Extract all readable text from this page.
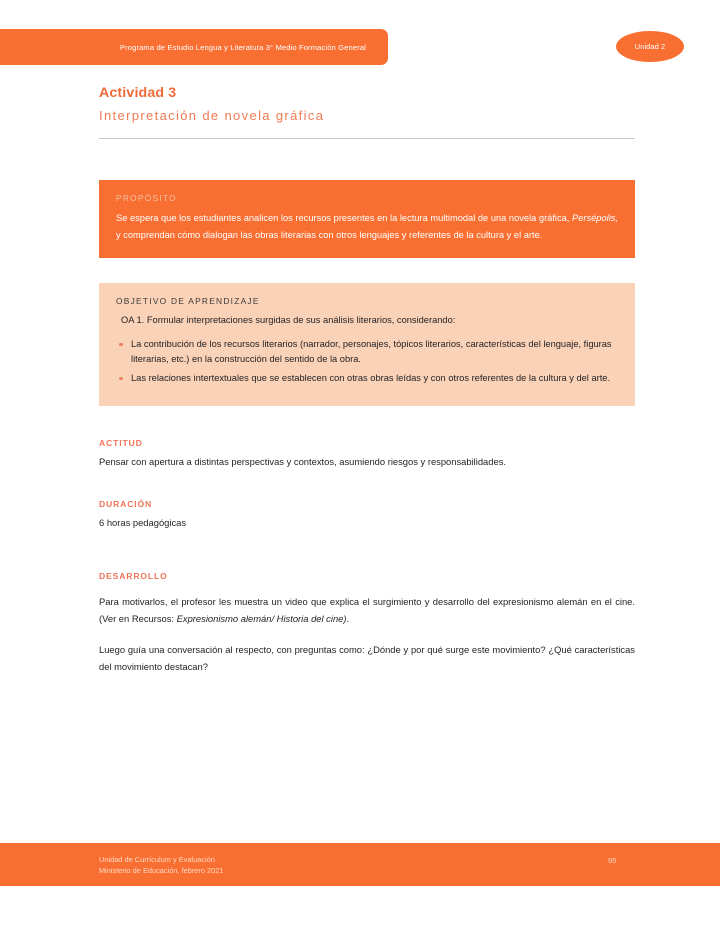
Programa de Estudio Lengua y Literatura 3° Medio Formación General	Unidad 2
Actividad 3
Interpretación de novela gráfica
PROPÓSITO
Se espera que los estudiantes analicen los recursos presentes en la lectura multimodal de una novela gráfica, Persépolis, y comprendan cómo dialogan las obras literarias con otros lenguajes y referentes de la cultura y el arte.
OBJETIVO DE APRENDIZAJE
OA 1. Formular interpretaciones surgidas de sus análisis literarios, considerando:
La contribución de los recursos literarios (narrador, personajes, tópicos literarios, características del lenguaje, figuras literarias, etc.) en la construcción del sentido de la obra.
Las relaciones intertextuales que se establecen con otras obras leídas y con otros referentes de la cultura y del arte.
ACTITUD
Pensar con apertura a distintas perspectivas y contextos, asumiendo riesgos y responsabilidades.
DURACIÓN
6 horas pedagógicas
DESARROLLO

Para motivarlos, el profesor les muestra un video que explica el surgimiento y desarrollo del expresionismo alemán en el cine. (Ver en Recursos: Expresionismo alemán/ Historia del cine).

Luego guía una conversación al respecto, con preguntas como: ¿Dónde y por qué surge este movimiento? ¿Qué características del movimiento destacan?

Unidad de Currículum y Evaluación
Ministerio de Educación, febrero 2021
95
